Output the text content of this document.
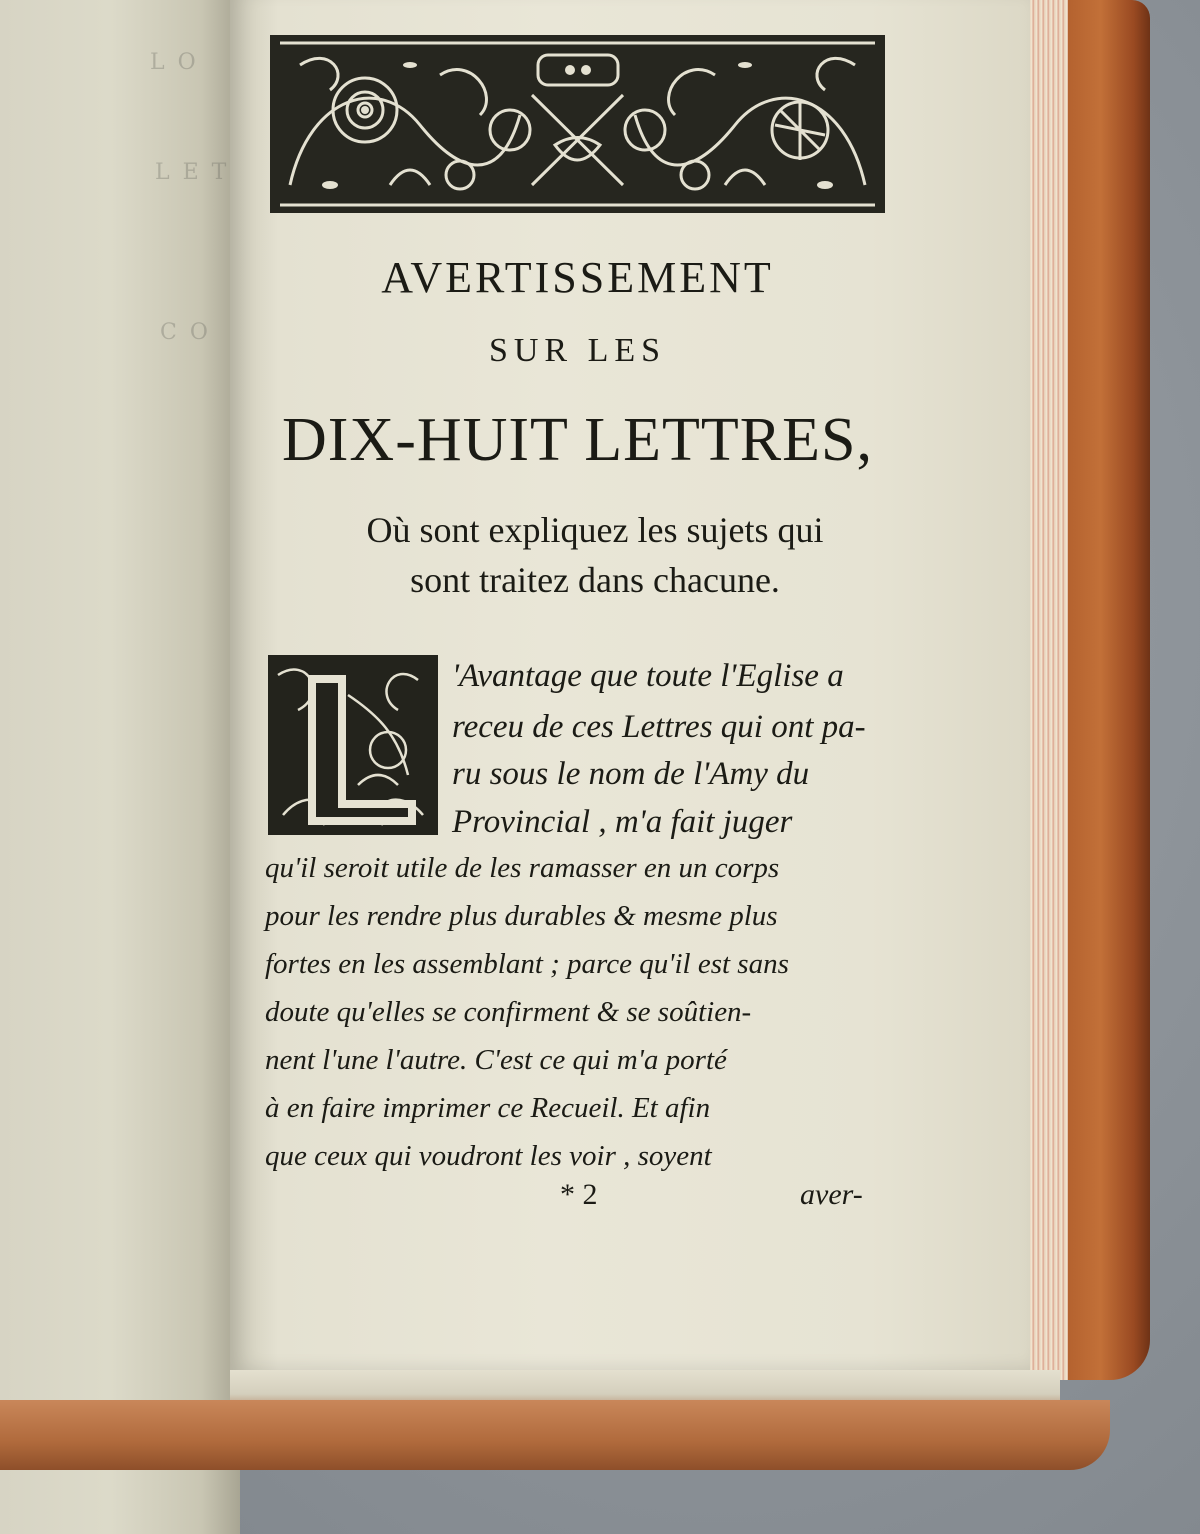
L O
L E T
C O
AVERTISSEMENT
SUR LES
DIX-HUIT LETTRES,
Où sont expliquez les sujets qui
sont traitez dans chacune.
'Avantage que toute l'Eglise a
receu de ces Lettres qui ont pa-
ru sous le nom de l'Amy du
Provincial , m'a fait juger
qu'il seroit utile de les ramasser en un corps
pour les rendre plus durables & mesme plus
fortes en les assemblant ; parce qu'il est sans
doute qu'elles se confirment & se soûtien-
nent l'une l'autre. C'est ce qui m'a porté
à en faire imprimer ce Recueil. Et afin
que ceux qui voudront les voir , soyent
* 2	aver-
